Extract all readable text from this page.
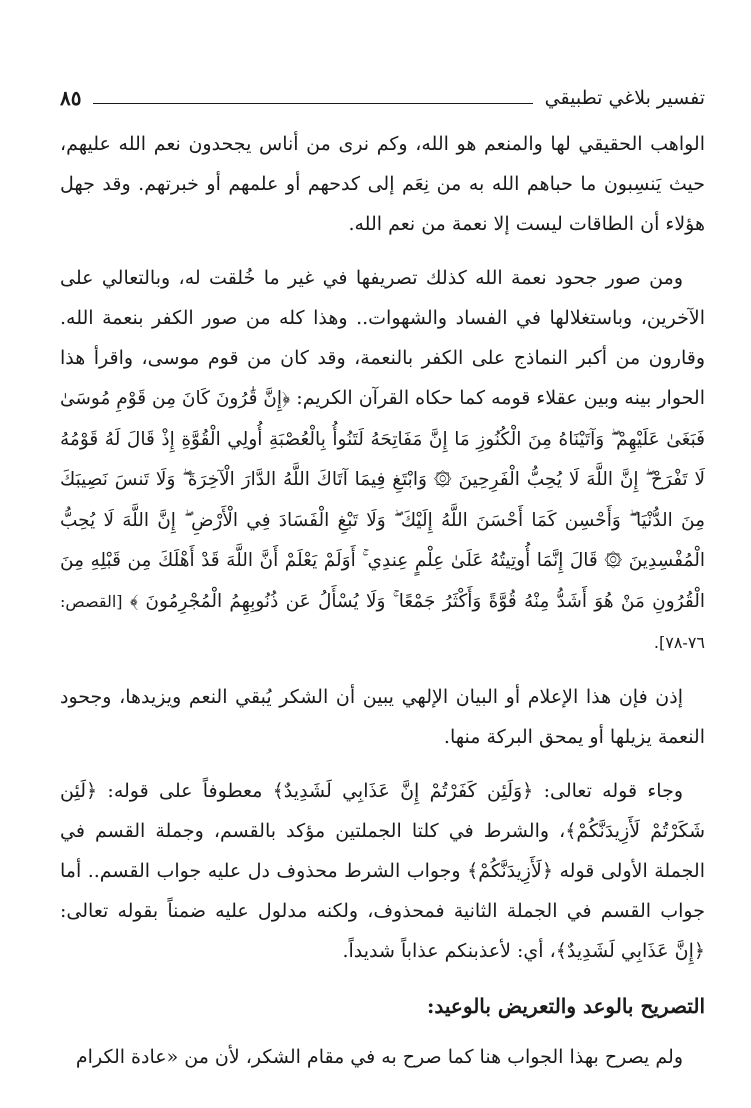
تفسير بلاغي تطبيقي
٨٥

الواهب الحقيقي لها والمنعم هو الله، وكم نرى من أناس يجحدون نعم الله عليهم، حيث يَنسِبون ما حباهم الله به من نِعَم إلى كدحهم أو علمهم أو خبرتهم. وقد جهل هؤلاء أن الطاقات ليست إلا نعمة من نعم الله.

ومن صور جحود نعمة الله كذلك تصريفها في غير ما خُلقت له، وبالتعالي على الآخرين، وباستغلالها في الفساد والشهوات.. وهذا كله من صور الكفر بنعمة الله. وقارون من أكبر النماذج على الكفر بالنعمة، وقد كان من قوم موسى، واقرأ هذا الحوار بينه وبين عقلاء قومه كما حكاه القرآن الكريم: ﴿إِنَّ قَٰرُونَ كَانَ مِن قَوْمِ مُوسَىٰ فَبَغَىٰ عَلَيْهِمْ ۖ وَآتَيْنَاهُ مِنَ الْكُنُوزِ مَا إِنَّ مَفَاتِحَهُ لَتَنُوأُ بِالْعُصْبَةِ أُولِي الْقُوَّةِ إِذْ قَالَ لَهُ قَوْمُهُ لَا تَفْرَحْ ۖ إِنَّ اللَّهَ لَا يُحِبُّ الْفَرِحِينَ ۞ وَابْتَغِ فِيمَا آتَاكَ اللَّهُ الدَّارَ الْآخِرَةَ ۖ وَلَا تَنسَ نَصِيبَكَ مِنَ الدُّنْيَا ۖ وَأَحْسِن كَمَا أَحْسَنَ اللَّهُ إِلَيْكَ ۖ وَلَا تَبْغِ الْفَسَادَ فِي الْأَرْضِ ۖ إِنَّ اللَّهَ لَا يُحِبُّ الْمُفْسِدِينَ ۞ قَالَ إِنَّمَا أُوتِيتُهُ عَلَىٰ عِلْمٍ عِندِي ۚ أَوَلَمْ يَعْلَمْ أَنَّ اللَّهَ قَدْ أَهْلَكَ مِن قَبْلِهِ مِنَ الْقُرُونِ مَنْ هُوَ أَشَدُّ مِنْهُ قُوَّةً وَأَكْثَرُ جَمْعًا ۚ وَلَا يُسْأَلُ عَن ذُنُوبِهِمُ الْمُجْرِمُونَ ﴾ [القصص: ٧٦-٧٨].

إذن فإن هذا الإعلام أو البيان الإلهي يبين أن الشكر يُبقي النعم ويزيدها، وجحود النعمة يزيلها أو يمحق البركة منها.

وجاء قوله تعالى: ﴿وَلَئِن كَفَرْتُمْ إِنَّ عَذَابِي لَشَدِيدٌ﴾ معطوفاً على قوله: ﴿لَئِن شَكَرْتُمْ لَأَزِيدَنَّكُمْ﴾، والشرط في كلتا الجملتين مؤكد بالقسم، وجملة القسم في الجملة الأولى قوله ﴿لَأَزِيدَنَّكُمْ﴾ وجواب الشرط محذوف دل عليه جواب القسم.. أما جواب القسم في الجملة الثانية فمحذوف، ولكنه مدلول عليه ضمناً بقوله تعالى: ﴿إِنَّ عَذَابِي لَشَدِيدٌ﴾، أي: لأعذبنكم عذاباً شديداً.

التصريح بالوعد والتعريض بالوعيد:

ولم يصرح بهذا الجواب هنا كما صرح به في مقام الشكر، لأن من «عادة الكرام
